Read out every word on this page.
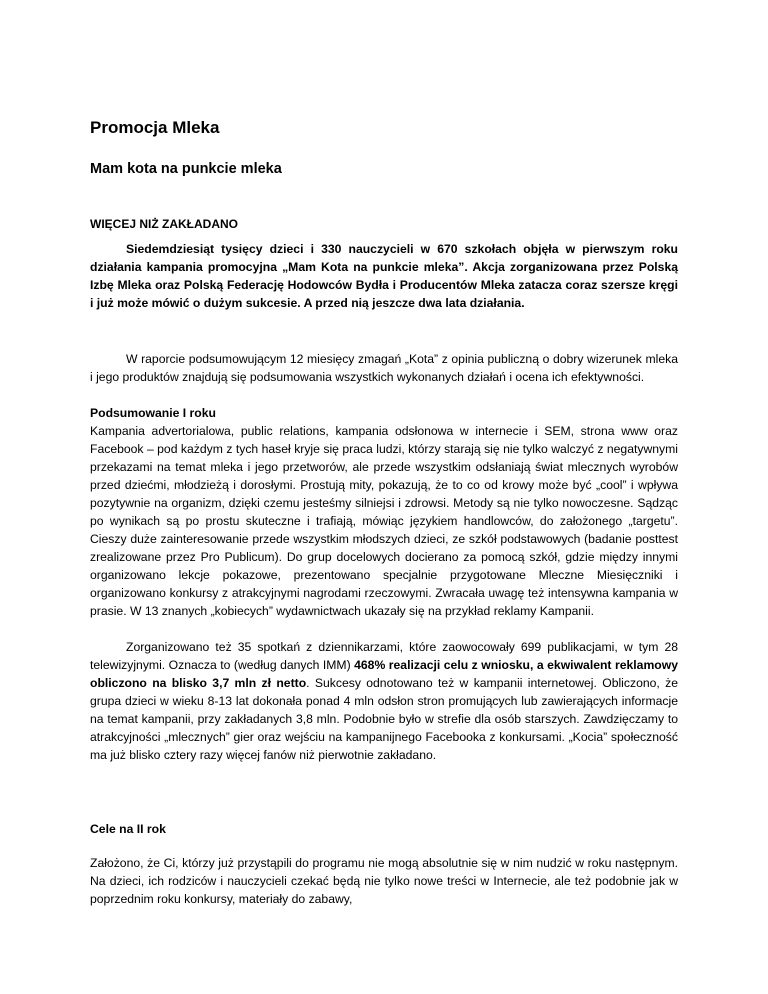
Promocja Mleka
Mam kota na punkcie mleka
WIĘCEJ NIŻ ZAKŁADANO

Siedemdziesiąt tysięcy dzieci i 330 nauczycieli w 670 szkołach objęła w pierwszym roku działania kampania promocyjna „Mam Kota na punkcie mleka”. Akcja zorganizowana przez Polską Izbę Mleka oraz Polską Federację Hodowców Bydła i Producentów Mleka zatacza coraz szersze kręgi i już może mówić o dużym sukcesie. A przed nią jeszcze dwa lata działania.

W raporcie podsumowującym 12 miesięcy zmagań „Kota” z opinia publiczną o dobry wizerunek mleka i jego produktów znajdują się podsumowania wszystkich wykonanych działań i ocena ich efektywności.

Podsumowanie I roku

Kampania advertorialowa, public relations, kampania odsłonowa w internecie i SEM, strona www oraz Facebook – pod każdym z tych haseł kryje się praca ludzi, którzy starają się nie tylko walczyć z negatywnymi przekazami na temat mleka i jego przetworów, ale przede wszystkim odsłaniają świat mlecznych wyrobów przed dziećmi, młodzieżą i dorosłymi. Prostują mity, pokazują, że to co od krowy może być „cool” i wpływa pozytywnie na organizm, dzięki czemu jesteśmy silniejsi i zdrowsi. Metody są nie tylko nowoczesne. Sądząc po wynikach są po prostu skuteczne i trafiają, mówiąc językiem handlowców, do założonego „targetu”. Cieszy duże zainteresowanie przede wszystkim młodszych dzieci, ze szkół podstawowych (badanie posttest zrealizowane przez Pro Publicum). Do grup docelowych docierano za pomocą szkół, gdzie między innymi organizowano lekcje pokazowe, prezentowano specjalnie przygotowane Mleczne Miesięczniki i organizowano konkursy z atrakcyjnymi nagrodami rzeczowymi. Zwracała uwagę też intensywna kampania w prasie. W 13 znanych „kobiecych” wydawnictwach ukazały się na przykład reklamy Kampanii.

Zorganizowano też 35 spotkań z dziennikarzami, które zaowocowały 699 publikacjami, w tym 28 telewizyjnymi. Oznacza to (według danych IMM) 468% realizacji celu z wniosku, a ekwiwalent reklamowy obliczono na blisko 3,7 mln zł netto. Sukcesy odnotowano też w kampanii internetowej. Obliczono, że grupa dzieci w wieku 8-13 lat dokonała ponad 4 mln odsłon stron promujących lub zawierających informacje na temat kampanii, przy zakładanych 3,8 mln. Podobnie było w strefie dla osób starszych. Zawdzięczamy to atrakcyjności „mlecznych” gier oraz wejściu na kampanijnego Facebooka z konkursami. „Kocia” społeczność ma już blisko cztery razy więcej fanów niż pierwotnie zakładano.

Cele na II rok

Założono, że Ci, którzy już przystąpili do programu nie mogą absolutnie się w nim nudzić w roku następnym. Na dzieci, ich rodziców i nauczycieli czekać będą nie tylko nowe treści w Internecie, ale też podobnie jak w poprzednim roku konkursy, materiały do zabawy,
